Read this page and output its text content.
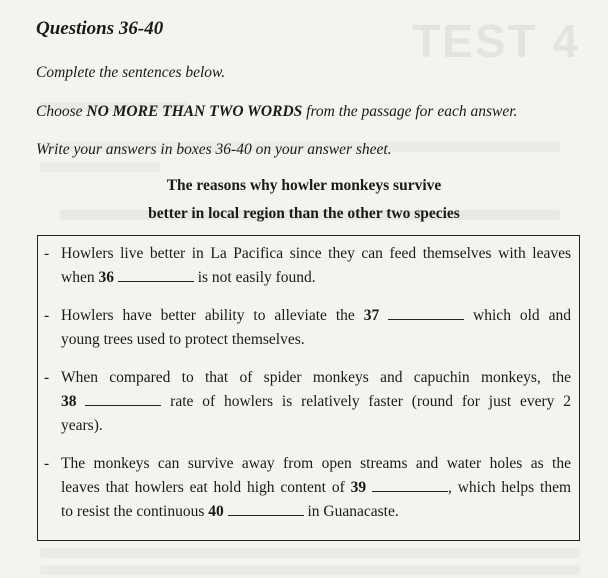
TEST 4
Questions 36-40
Complete the sentences below.
Choose NO MORE THAN TWO WORDS from the passage for each answer.
Write your answers in boxes 36-40 on your answer sheet.
The reasons why howler monkeys survive
better in local region than the other two species
- Howlers live better in La Pacifica since they can feed themselves with leaves
when 36	is not easily found.
- Howlers have better ability to alleviate the 37	which old and
young trees used to protect themselves.
- When compared to that of spider monkeys and capuchin monkeys, the
38	rate of howlers is relatively faster (round for just every 2
years).
- The monkeys can survive away from open streams and water holes as the
leaves that howlers eat hold high content of 39	, which helps them
to resist the continuous 40	in Guanacaste.
